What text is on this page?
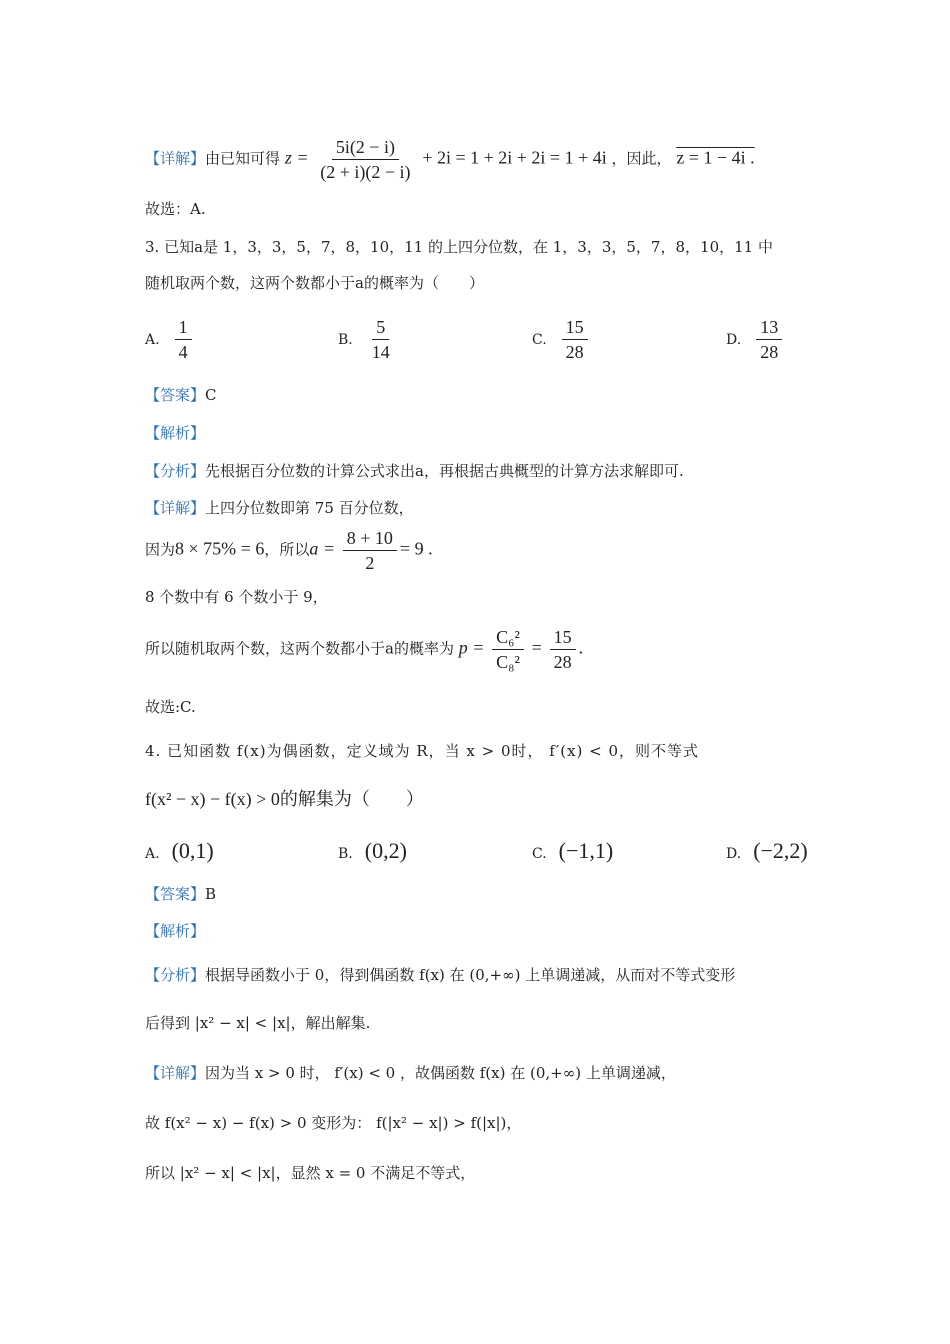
【详解】由已知可得 $z = \frac{5i(2 - i)}{(2 + i)(2 - i)} + 2i = 1 + 2i + 2i = 1 + 4i$ ，因此， z = 1 − 4i .
故选：A.
3. 已知a是 1，3，3，5，7，8，10，11 的上四分位数，在 1，3，3，5，7，8，10，11 中
随机取两个数，这两个数都小于a的概率为（　　）
A. $\frac{1}{4}$	B. $\frac{5}{14}$	C. $\frac{15}{28}$	D. $\frac{13}{28}$
【答案】C
【解析】
【分析】先根据百分位数的计算公式求出a，再根据古典概型的计算方法求解即可.
【详解】上四分位数即第 75 百分位数，
因为8 × 75% = 6，所以$a = \frac{8 + 10}{2} = 9$ .
8 个数中有 6 个数小于 9，
所以随机取两个数，这两个数都小于a的概率为 $p = \frac{\text{C₆²}}{\text{C₈²}} = \frac{15}{28}$ .
故选:C.
4. 已知函数 f(x)为偶函数，定义域为 R，当 x > 0时， f′(x) < 0，则不等式
f(x² − x) − f(x) > 0的解集为（　　）
A. (0,1)	B. (0,2)	C. (−1,1)	D. (−2,2)
【答案】B
【解析】
【分析】根据导函数小于 0，得到偶函数 f(x) 在 (0,+∞) 上单调递减，从而对不等式变形
后得到 |x² − x| < |x|，解出解集.
【详解】因为当 x > 0 时， f′(x) < 0 ，故偶函数 f(x) 在 (0,+∞) 上单调递减，
故 f(x² − x) − f(x) > 0 变形为： f(|x² − x|) > f(|x|)，
所以 |x² − x| < |x|，显然 x = 0 不满足不等式，
